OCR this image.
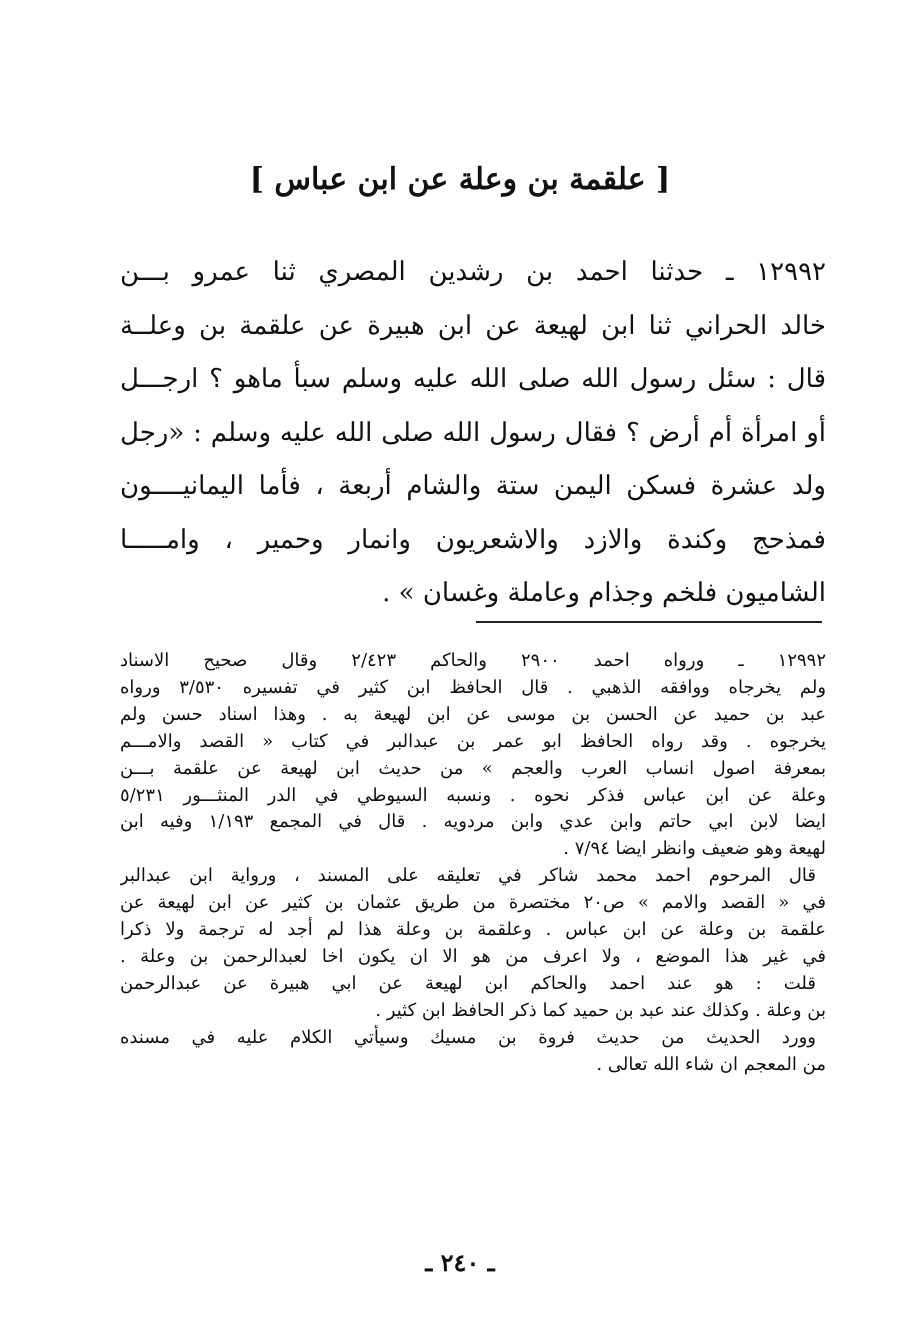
[ علقمة بن وعلة عن ابن عباس ]
١٢٩٩٢ ـ حدثنا احمد بن رشدين المصري ثنا عمرو بـــن
خالد الحراني ثنا ابن لهيعة عن ابن هبيرة عن علقمة بن وعلــة
قال : سئل رسول الله صلى الله عليه وسلم سبأ ماهو ؟ ارجـــل
أو امرأة أم أرض ؟ فقال رسول الله صلى الله عليه وسلم : «رجل
ولد عشرة فسكن اليمن ستة والشام أربعة ، فأما اليمانيــــون
فمذحج وكندة والازد والاشعريون وانمار وحمير ، وامـــــا
الشاميون فلخم وجذام وعاملة وغسان » .
١٢٩٩٢ ـ ورواه احمد ٢٩٠٠ والحاكم ٢/٤٢٣ وقال صحيح الاسناد
ولم يخرجاه ووافقه الذهبي . قال الحافظ ابن كثير في تفسيره ٣/٥٣٠ ورواه
عبد بن حميد عن الحسن بن موسى عن ابن لهيعة به . وهذا اسناد حسن ولم
يخرجوه . وقد رواه الحافظ ابو عمر بن عبدالبر في كتاب « القصد والامـــم
بمعرفة اصول انساب العرب والعجم » من حديث ابن لهيعة عن علقمة بـــن
وعلة عن ابن عباس فذكر نحوه . ونسبه السيوطي في الدر المنثـــور ٥/٢٣١
ايضا لابن ابي حاتم وابن عدي وابن مردويه . قال في المجمع ١/١٩٣ وفيه ابن
لهيعة وهو ضعيف وانظر ايضا ٧/٩٤ .
قال المرحوم احمد محمد شاكر في تعليقه على المسند ، ورواية ابن عبدالبر
في « القصد والامم » ص٢٠ مختصرة من طريق عثمان بن كثير عن ابن لهيعة عن
علقمة بن وعلة عن ابن عباس . وعلقمة بن وعلة هذا لم أجد له ترجمة ولا ذكرا
في غير هذا الموضع ، ولا اعرف من هو الا ان يكون اخا لعبدالرحمن بن وعلة .
قلت : هو عند احمد والحاكم ابن لهيعة عن ابي هبيرة عن عبدالرحمن
بن وعلة . وكذلك عند عبد بن حميد كما ذكر الحافظ ابن كثير .
وورد الحديث من حديث فروة بن مسيك وسيأتي الكلام عليه في مسنده
من المعجم ان شاء الله تعالى .
ـ ٢٤٠ ـ
